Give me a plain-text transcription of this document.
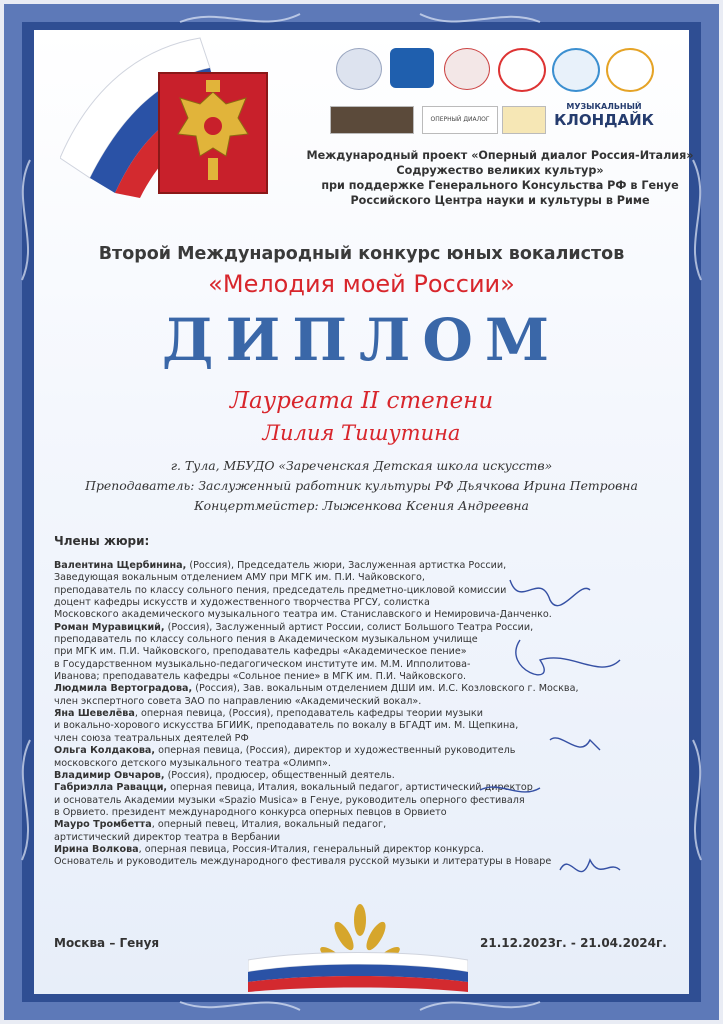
ОПЕРНЫЙ ДИАЛОГ
МУЗЫКАЛЬНЫЙ
КЛОНДАЙК
Международный проект «Оперный диалог Россия-Италия»
Содружество великих культур»
при поддержке Генерального Консульства РФ в Генуе
Российского Центра науки и культуры в Риме
Второй Международный конкурс юных вокалистов
«Мелодия моей России»
ДИПЛОМ
Лауреата II степени
Лилия Тишутина
г. Тула, МБУДО «Зареченская Детская школа искусств»
Преподаватель: Заслуженный работник культуры РФ Дьячкова Ирина Петровна
Концертмейстер: Лыженкова Ксения Андреевна
Члены жюри:

Валентина Щербинина, (Россия), Председатель жюри, Заслуженная артистка России,

Заведующая вокальным отделением АМУ при МГК им. П.И. Чайковского,

преподаватель по классу сольного пения, председатель предметно-цикловой комиссии

доцент кафедры искусств и художественного творчества РГСУ, солистка

Московского академического музыкального театра им. Станиславского и Немировича-Данченко.

Роман Муравицкий, (Россия), Заслуженный артист России, солист Большого Театра России,

преподаватель по классу сольного пения в Академическом музыкальном училище

при МГК им. П.И. Чайковского, преподаватель кафедры «Академическое пение»

в Государственном музыкально-педагогическом институте им. М.М. Ипполитова-

Иванова; преподаватель кафедры «Сольное пение» в МГК им. П.И. Чайковского.

Людмила Вертоградова, (Россия), Зав. вокальным отделением ДШИ им. И.С. Козловского г. Москва,

член экспертного совета ЗАО по направлению «Академический вокал».

Яна Шевелёва, оперная певица, (Россия), преподаватель кафедры теории музыки

и вокально-хорового искусства БГИИК, преподаватель по вокалу в БГАДТ им. М. Щепкина,

член союза театральных деятелей РФ

Ольга Колдакова, оперная певица, (Россия), директор и художественный руководитель

московского детского музыкального театра «Олимп».

Владимир Овчаров, (Россия), продюсер, общественный деятель.

Габриэлла Равацци, оперная певица, Италия, вокальный педагог, артистический директор

и основатель Академии музыки «Spazio Musica» в Генуе, руководитель оперного фестиваля

в Орвието. президент международного конкурса оперных певцов в Орвието

Мауро Тромбетта, оперный певец, Италия, вокальный педагог,

артистический директор театра в Вербании

Ирина Волкова, оперная певица, Россия-Италия, генеральный директор конкурса.

Основатель и руководитель международного фестиваля русской музыки и литературы в Новаре

Москва – Генуя	21.12.2023г. - 21.04.2024г.
